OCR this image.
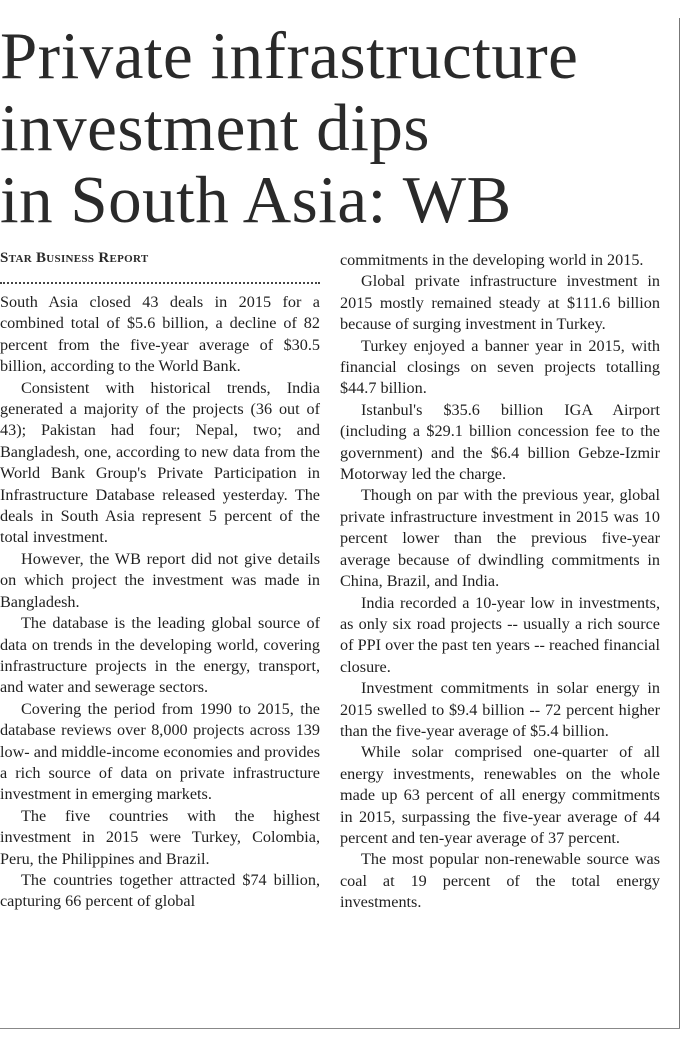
Private infrastructure
investment dips
in South Asia: WB
Star Business Report

South Asia closed 43 deals in 2015 for a combined total of $5.6 billion, a decline of 82 percent from the five-year average of $30.5 billion, according to the World Bank.

Consistent with historical trends, India generated a majority of the projects (36 out of 43); Pakistan had four; Nepal, two; and Bangladesh, one, according to new data from the World Bank Group's Private Participation in Infrastructure Database released yesterday. The deals in South Asia represent 5 percent of the total investment.

However, the WB report did not give details on which project the investment was made in Bangladesh.

The database is the leading global source of data on trends in the developing world, covering infrastructure projects in the energy, transport, and water and sewerage sectors.

Covering the period from 1990 to 2015, the database reviews over 8,000 projects across 139 low- and middle-income economies and provides a rich source of data on private infrastructure investment in emerging markets.

The five countries with the highest investment in 2015 were Turkey, Colombia, Peru, the Philippines and Brazil.

The countries together attracted $74 billion, capturing 66 percent of global

commitments in the developing world in 2015.

Global private infrastructure investment in 2015 mostly remained steady at $111.6 billion because of surging investment in Turkey.

Turkey enjoyed a banner year in 2015, with financial closings on seven projects totalling $44.7 billion.

Istanbul's $35.6 billion IGA Airport (including a $29.1 billion concession fee to the government) and the $6.4 billion Gebze-Izmir Motorway led the charge.

Though on par with the previous year, global private infrastructure investment in 2015 was 10 percent lower than the previous five-year average because of dwindling commitments in China, Brazil, and India.

India recorded a 10-year low in investments, as only six road projects -- usually a rich source of PPI over the past ten years -- reached financial closure.

Investment commitments in solar energy in 2015 swelled to $9.4 billion -- 72 percent higher than the five-year average of $5.4 billion.

While solar comprised one-quarter of all energy investments, renewables on the whole made up 63 percent of all energy commitments in 2015, surpassing the five-year average of 44 percent and ten-year average of 37 percent.

The most popular non-renewable source was coal at 19 percent of the total energy investments.
